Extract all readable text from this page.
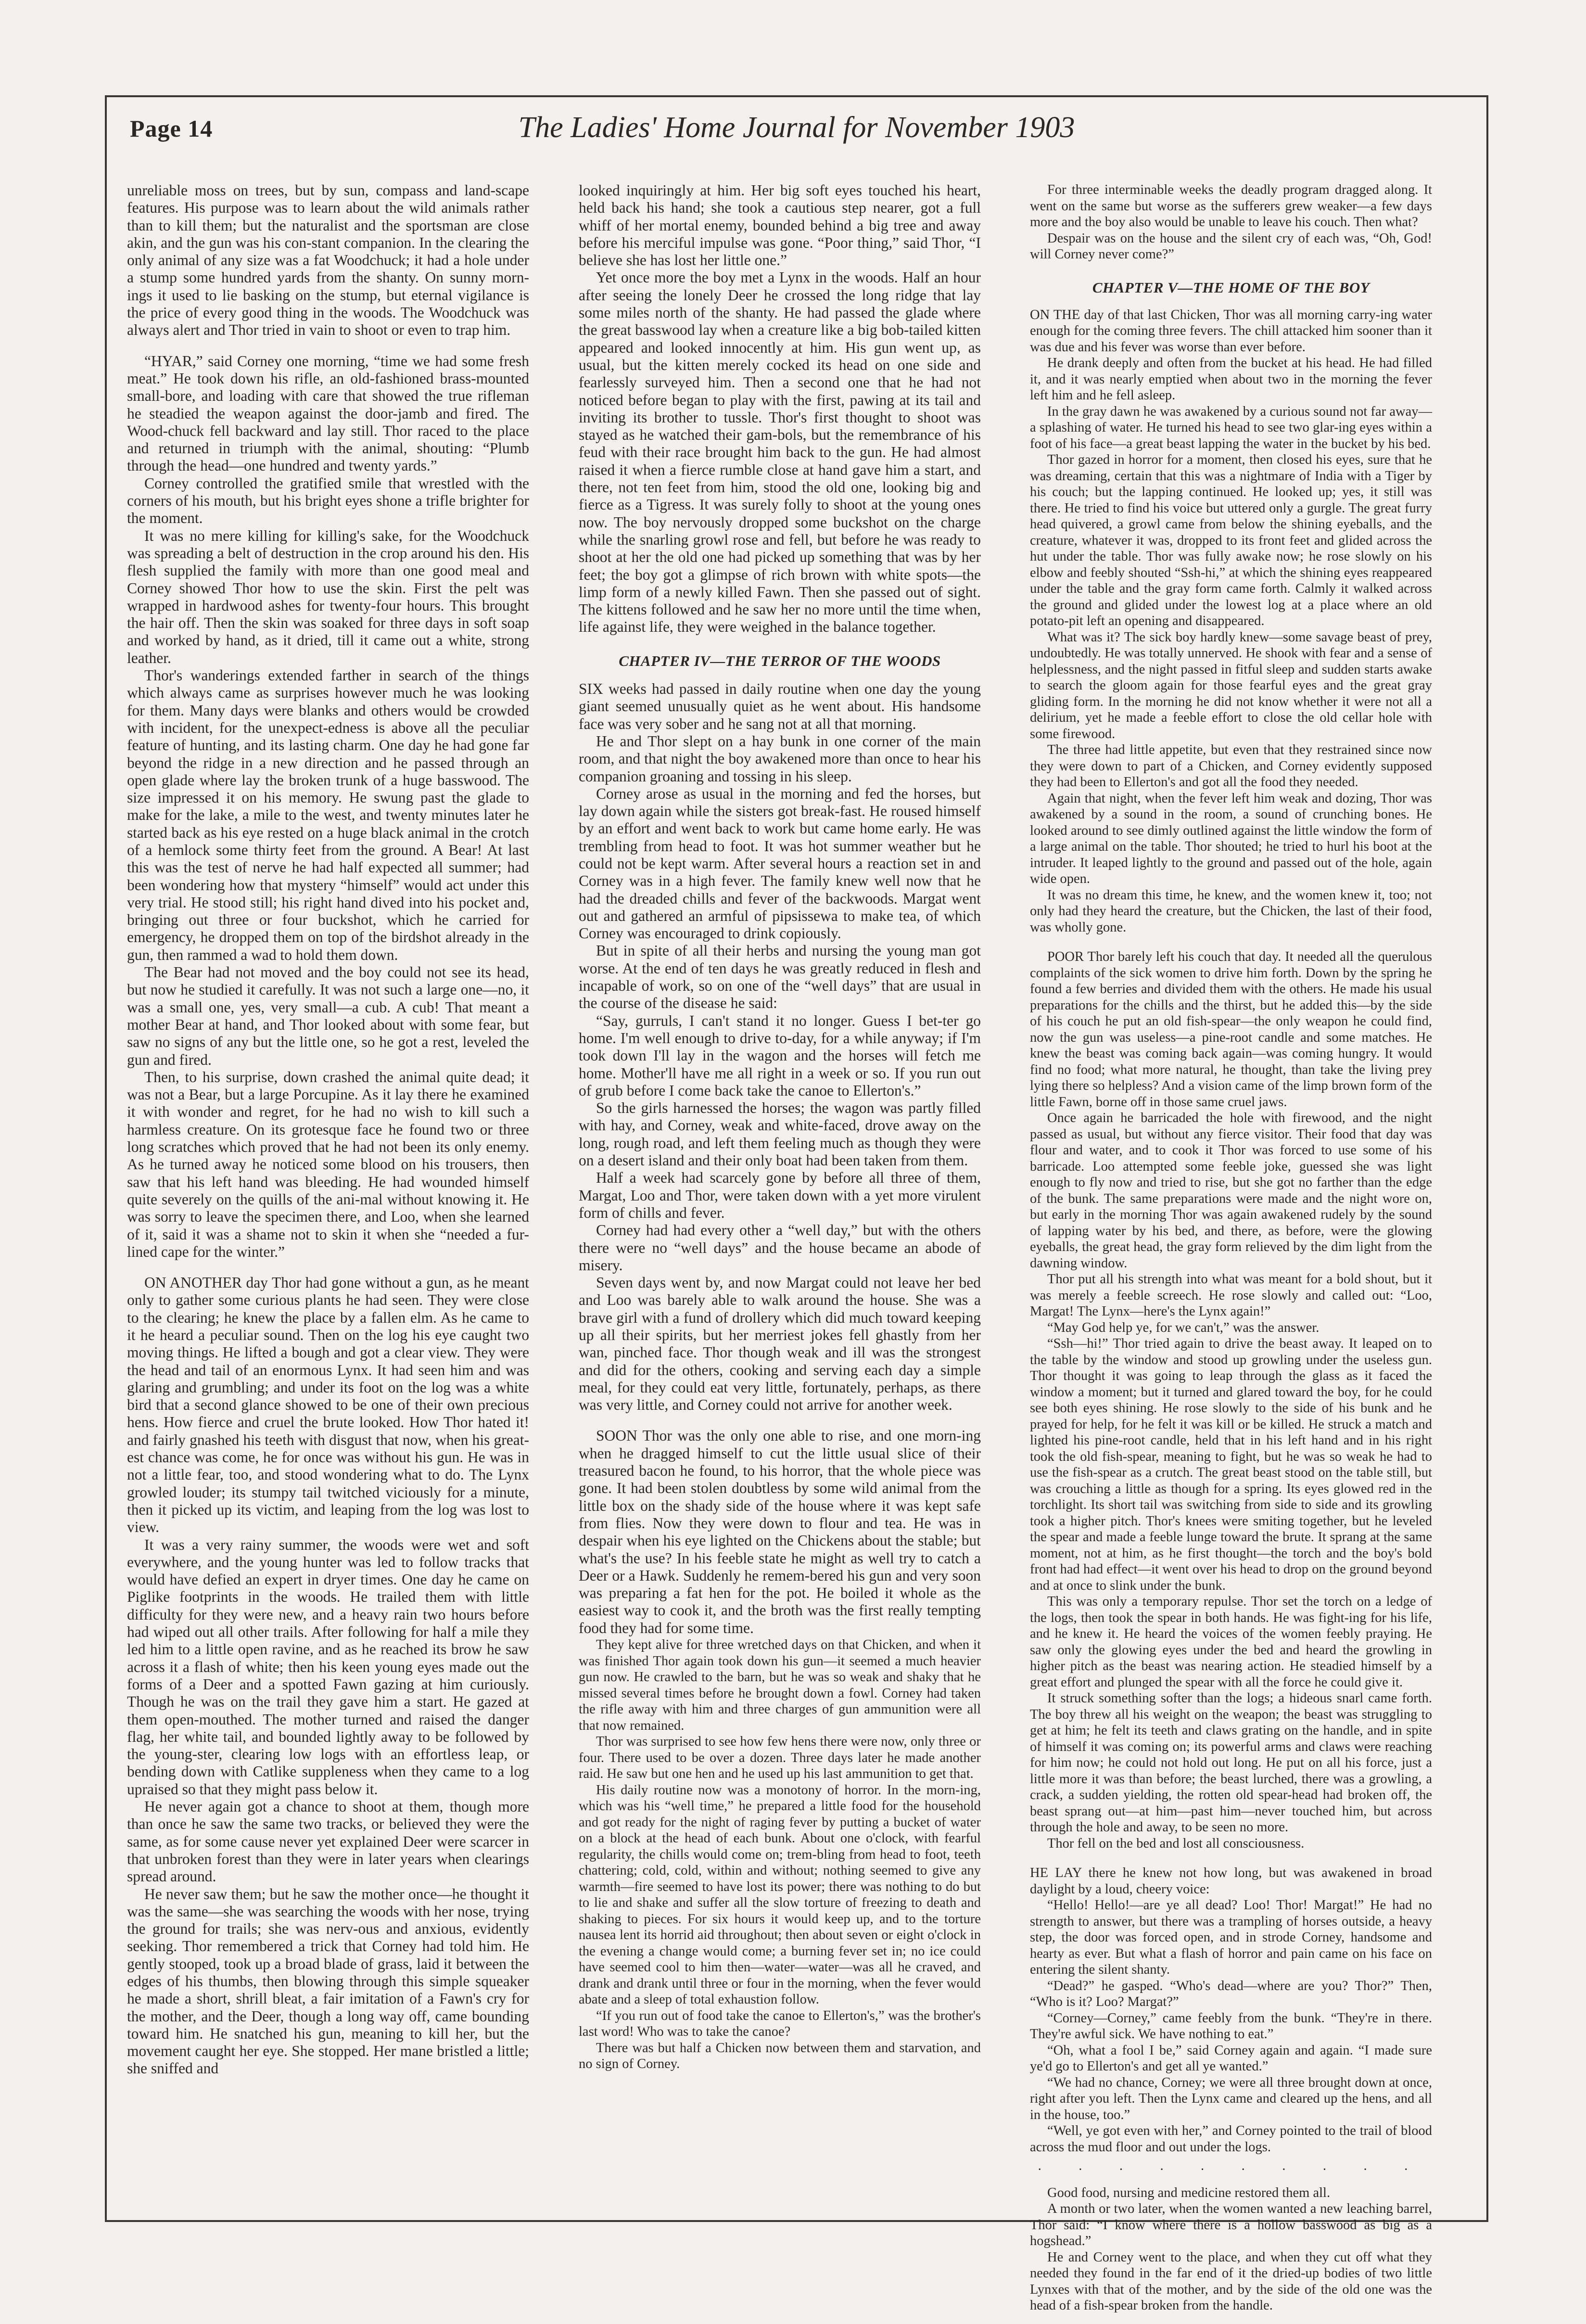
Page 14	The Ladies' Home Journal for November 1903

unreliable moss on trees, but by sun, compass and land-scape features. His purpose was to learn about the wild animals rather than to kill them; but the naturalist and the sportsman are close akin, and the gun was his con-stant companion. In the clearing the only animal of any size was a fat Woodchuck; it had a hole under a stump some hundred yards from the shanty. On sunny morn-ings it used to lie basking on the stump, but eternal vigilance is the price of every good thing in the woods. The Woodchuck was always alert and Thor tried in vain to shoot or even to trap him.

“HYAR,” said Corney one morning, “time we had some fresh meat.” He took down his rifle, an old-fashioned brass-mounted small-bore, and loading with care that showed the true rifleman he steadied the weapon against the door-jamb and fired. The Wood-chuck fell backward and lay still. Thor raced to the place and returned in triumph with the animal, shouting: “Plumb through the head—one hundred and twenty yards.”

Corney controlled the gratified smile that wrestled with the corners of his mouth, but his bright eyes shone a trifle brighter for the moment.

It was no mere killing for killing's sake, for the Woodchuck was spreading a belt of destruction in the crop around his den. His flesh supplied the family with more than one good meal and Corney showed Thor how to use the skin. First the pelt was wrapped in hardwood ashes for twenty-four hours. This brought the hair off. Then the skin was soaked for three days in soft soap and worked by hand, as it dried, till it came out a white, strong leather.

Thor's wanderings extended farther in search of the things which always came as surprises however much he was looking for them. Many days were blanks and others would be crowded with incident, for the unexpect-edness is above all the peculiar feature of hunting, and its lasting charm. One day he had gone far beyond the ridge in a new direction and he passed through an open glade where lay the broken trunk of a huge basswood. The size impressed it on his memory. He swung past the glade to make for the lake, a mile to the west, and twenty minutes later he started back as his eye rested on a huge black animal in the crotch of a hemlock some thirty feet from the ground. A Bear! At last this was the test of nerve he had half expected all summer; had been wondering how that mystery “himself” would act under this very trial. He stood still; his right hand dived into his pocket and, bringing out three or four buckshot, which he carried for emergency, he dropped them on top of the birdshot already in the gun, then rammed a wad to hold them down.

The Bear had not moved and the boy could not see its head, but now he studied it carefully. It was not such a large one—no, it was a small one, yes, very small—a cub. A cub! That meant a mother Bear at hand, and Thor looked about with some fear, but saw no signs of any but the little one, so he got a rest, leveled the gun and fired.

Then, to his surprise, down crashed the animal quite dead; it was not a Bear, but a large Porcupine. As it lay there he examined it with wonder and regret, for he had no wish to kill such a harmless creature. On its grotesque face he found two or three long scratches which proved that he had not been its only enemy. As he turned away he noticed some blood on his trousers, then saw that his left hand was bleeding. He had wounded himself quite severely on the quills of the ani-mal without knowing it. He was sorry to leave the specimen there, and Loo, when she learned of it, said it was a shame not to skin it when she “needed a fur-lined cape for the winter.”

ON ANOTHER day Thor had gone without a gun, as he meant only to gather some curious plants he had seen. They were close to the clearing; he knew the place by a fallen elm. As he came to it he heard a peculiar sound. Then on the log his eye caught two moving things. He lifted a bough and got a clear view. They were the head and tail of an enormous Lynx. It had seen him and was glaring and grumbling; and under its foot on the log was a white bird that a second glance showed to be one of their own precious hens. How fierce and cruel the brute looked. How Thor hated it! and fairly gnashed his teeth with disgust that now, when his great-est chance was come, he for once was without his gun. He was in not a little fear, too, and stood wondering what to do. The Lynx growled louder; its stumpy tail twitched viciously for a minute, then it picked up its victim, and leaping from the log was lost to view.

It was a very rainy summer, the woods were wet and soft everywhere, and the young hunter was led to follow tracks that would have defied an expert in dryer times. One day he came on Piglike footprints in the woods. He trailed them with little difficulty for they were new, and a heavy rain two hours before had wiped out all other trails. After following for half a mile they led him to a little open ravine, and as he reached its brow he saw across it a flash of white; then his keen young eyes made out the forms of a Deer and a spotted Fawn gazing at him curiously. Though he was on the trail they gave him a start. He gazed at them open-mouthed. The mother turned and raised the danger flag, her white tail, and bounded lightly away to be followed by the young-ster, clearing low logs with an effortless leap, or bending down with Catlike suppleness when they came to a log upraised so that they might pass below it.

He never again got a chance to shoot at them, though more than once he saw the same two tracks, or believed they were the same, as for some cause never yet explained Deer were scarcer in that unbroken forest than they were in later years when clearings spread around.

He never saw them; but he saw the mother once—he thought it was the same—she was searching the woods with her nose, trying the ground for trails; she was nerv-ous and anxious, evidently seeking. Thor remembered a trick that Corney had told him. He gently stooped, took up a broad blade of grass, laid it between the edges of his thumbs, then blowing through this simple squeaker he made a short, shrill bleat, a fair imitation of a Fawn's cry for the mother, and the Deer, though a long way off, came bounding toward him. He snatched his gun, meaning to kill her, but the movement caught her eye. She stopped. Her mane bristled a little; she sniffed and

looked inquiringly at him. Her big soft eyes touched his heart, held back his hand; she took a cautious step nearer, got a full whiff of her mortal enemy, bounded behind a big tree and away before his merciful impulse was gone. “Poor thing,” said Thor, “I believe she has lost her little one.”

Yet once more the boy met a Lynx in the woods. Half an hour after seeing the lonely Deer he crossed the long ridge that lay some miles north of the shanty. He had passed the glade where the great basswood lay when a creature like a big bob-tailed kitten appeared and looked innocently at him. His gun went up, as usual, but the kitten merely cocked its head on one side and fearlessly surveyed him. Then a second one that he had not noticed before began to play with the first, pawing at its tail and inviting its brother to tussle. Thor's first thought to shoot was stayed as he watched their gam-bols, but the remembrance of his feud with their race brought him back to the gun. He had almost raised it when a fierce rumble close at hand gave him a start, and there, not ten feet from him, stood the old one, looking big and fierce as a Tigress. It was surely folly to shoot at the young ones now. The boy nervously dropped some buckshot on the charge while the snarling growl rose and fell, but before he was ready to shoot at her the old one had picked up something that was by her feet; the boy got a glimpse of rich brown with white spots—the limp form of a newly killed Fawn. Then she passed out of sight. The kittens followed and he saw her no more until the time when, life against life, they were weighed in the balance together.

CHAPTER IV—THE TERROR OF THE WOODS

SIX weeks had passed in daily routine when one day the young giant seemed unusually quiet as he went about. His handsome face was very sober and he sang not at all that morning.

He and Thor slept on a hay bunk in one corner of the main room, and that night the boy awakened more than once to hear his companion groaning and tossing in his sleep.

Corney arose as usual in the morning and fed the horses, but lay down again while the sisters got break-fast. He roused himself by an effort and went back to work but came home early. He was trembling from head to foot. It was hot summer weather but he could not be kept warm. After several hours a reaction set in and Corney was in a high fever. The family knew well now that he had the dreaded chills and fever of the backwoods. Margat went out and gathered an armful of pipsissewa to make tea, of which Corney was encouraged to drink copiously.

But in spite of all their herbs and nursing the young man got worse. At the end of ten days he was greatly reduced in flesh and incapable of work, so on one of the “well days” that are usual in the course of the disease he said:

“Say, gurruls, I can't stand it no longer. Guess I bet-ter go home. I'm well enough to drive to-day, for a while anyway; if I'm took down I'll lay in the wagon and the horses will fetch me home. Mother'll have me all right in a week or so. If you run out of grub before I come back take the canoe to Ellerton's.”

So the girls harnessed the horses; the wagon was partly filled with hay, and Corney, weak and white-faced, drove away on the long, rough road, and left them feeling much as though they were on a desert island and their only boat had been taken from them.

Half a week had scarcely gone by before all three of them, Margat, Loo and Thor, were taken down with a yet more virulent form of chills and fever.

Corney had had every other a “well day,” but with the others there were no “well days” and the house became an abode of misery.

Seven days went by, and now Margat could not leave her bed and Loo was barely able to walk around the house. She was a brave girl with a fund of drollery which did much toward keeping up all their spirits, but her merriest jokes fell ghastly from her wan, pinched face. Thor though weak and ill was the strongest and did for the others, cooking and serving each day a simple meal, for they could eat very little, fortunately, perhaps, as there was very little, and Corney could not arrive for another week.

SOON Thor was the only one able to rise, and one morn-ing when he dragged himself to cut the little usual slice of their treasured bacon he found, to his horror, that the whole piece was gone. It had been stolen doubtless by some wild animal from the little box on the shady side of the house where it was kept safe from flies. Now they were down to flour and tea. He was in despair when his eye lighted on the Chickens about the stable; but what's the use? In his feeble state he might as well try to catch a Deer or a Hawk. Suddenly he remem-bered his gun and very soon was preparing a fat hen for the pot. He boiled it whole as the easiest way to cook it, and the broth was the first really tempting food they had for some time.

They kept alive for three wretched days on that Chicken, and when it was finished Thor again took down his gun—it seemed a much heavier gun now. He crawled to the barn, but he was so weak and shaky that he missed several times before he brought down a fowl. Corney had taken the rifle away with him and three charges of gun ammunition were all that now remained.

Thor was surprised to see how few hens there were now, only three or four. There used to be over a dozen. Three days later he made another raid. He saw but one hen and he used up his last ammunition to get that.

His daily routine now was a monotony of horror. In the morn-ing, which was his “well time,” he prepared a little food for the household and got ready for the night of raging fever by putting a bucket of water on a block at the head of each bunk. About one o'clock, with fearful regularity, the chills would come on; trem-bling from head to foot, teeth chattering; cold, cold, within and without; nothing seemed to give any warmth—fire seemed to have lost its power; there was nothing to do but to lie and shake and suffer all the slow torture of freezing to death and shaking to pieces. For six hours it would keep up, and to the torture nausea lent its horrid aid throughout; then about seven or eight o'clock in the evening a change would come; a burning fever set in; no ice could have seemed cool to him then—water—water—was all he craved, and drank and drank until three or four in the morning, when the fever would abate and a sleep of total exhaustion follow.

“If you run out of food take the canoe to Ellerton's,” was the brother's last word! Who was to take the canoe?

There was but half a Chicken now between them and starvation, and no sign of Corney.

For three interminable weeks the deadly program dragged along. It went on the same but worse as the sufferers grew weaker—a few days more and the boy also would be unable to leave his couch. Then what?

Despair was on the house and the silent cry of each was, “Oh, God! will Corney never come?”

CHAPTER V—THE HOME OF THE BOY

ON THE day of that last Chicken, Thor was all morning carry-ing water enough for the coming three fevers. The chill attacked him sooner than it was due and his fever was worse than ever before.

He drank deeply and often from the bucket at his head. He had filled it, and it was nearly emptied when about two in the morning the fever left him and he fell asleep.

In the gray dawn he was awakened by a curious sound not far away—a splashing of water. He turned his head to see two glar-ing eyes within a foot of his face—a great beast lapping the water in the bucket by his bed.

Thor gazed in horror for a moment, then closed his eyes, sure that he was dreaming, certain that this was a nightmare of India with a Tiger by his couch; but the lapping continued. He looked up; yes, it still was there. He tried to find his voice but uttered only a gurgle. The great furry head quivered, a growl came from below the shining eyeballs, and the creature, whatever it was, dropped to its front feet and glided across the hut under the table. Thor was fully awake now; he rose slowly on his elbow and feebly shouted “Ssh-hi,” at which the shining eyes reappeared under the table and the gray form came forth. Calmly it walked across the ground and glided under the lowest log at a place where an old potato-pit left an opening and disappeared.

What was it? The sick boy hardly knew—some savage beast of prey, undoubtedly. He was totally unnerved. He shook with fear and a sense of helplessness, and the night passed in fitful sleep and sudden starts awake to search the gloom again for those fearful eyes and the great gray gliding form. In the morning he did not know whether it were not all a delirium, yet he made a feeble effort to close the old cellar hole with some firewood.

The three had little appetite, but even that they restrained since now they were down to part of a Chicken, and Corney evidently supposed they had been to Ellerton's and got all the food they needed.

Again that night, when the fever left him weak and dozing, Thor was awakened by a sound in the room, a sound of crunching bones. He looked around to see dimly outlined against the little window the form of a large animal on the table. Thor shouted; he tried to hurl his boot at the intruder. It leaped lightly to the ground and passed out of the hole, again wide open.

It was no dream this time, he knew, and the women knew it, too; not only had they heard the creature, but the Chicken, the last of their food, was wholly gone.

POOR Thor barely left his couch that day. It needed all the querulous complaints of the sick women to drive him forth. Down by the spring he found a few berries and divided them with the others. He made his usual preparations for the chills and the thirst, but he added this—by the side of his couch he put an old fish-spear—the only weapon he could find, now the gun was useless—a pine-root candle and some matches. He knew the beast was coming back again—was coming hungry. It would find no food; what more natural, he thought, than take the living prey lying there so helpless? And a vision came of the limp brown form of the little Fawn, borne off in those same cruel jaws.

Once again he barricaded the hole with firewood, and the night passed as usual, but without any fierce visitor. Their food that day was flour and water, and to cook it Thor was forced to use some of his barricade. Loo attempted some feeble joke, guessed she was light enough to fly now and tried to rise, but she got no farther than the edge of the bunk. The same preparations were made and the night wore on, but early in the morning Thor was again awakened rudely by the sound of lapping water by his bed, and there, as before, were the glowing eyeballs, the great head, the gray form relieved by the dim light from the dawning window.

Thor put all his strength into what was meant for a bold shout, but it was merely a feeble screech. He rose slowly and called out: “Loo, Margat! The Lynx—here's the Lynx again!”

“May God help ye, for we can't,” was the answer.

“Ssh—hi!” Thor tried again to drive the beast away. It leaped on to the table by the window and stood up growling under the useless gun. Thor thought it was going to leap through the glass as it faced the window a moment; but it turned and glared toward the boy, for he could see both eyes shining. He rose slowly to the side of his bunk and he prayed for help, for he felt it was kill or be killed. He struck a match and lighted his pine-root candle, held that in his left hand and in his right took the old fish-spear, meaning to fight, but he was so weak he had to use the fish-spear as a crutch. The great beast stood on the table still, but was crouching a little as though for a spring. Its eyes glowed red in the torchlight. Its short tail was switching from side to side and its growling took a higher pitch. Thor's knees were smiting together, but he leveled the spear and made a feeble lunge toward the brute. It sprang at the same moment, not at him, as he first thought—the torch and the boy's bold front had had effect—it went over his head to drop on the ground beyond and at once to slink under the bunk.

This was only a temporary repulse. Thor set the torch on a ledge of the logs, then took the spear in both hands. He was fight-ing for his life, and he knew it. He heard the voices of the women feebly praying. He saw only the glowing eyes under the bed and heard the growling in higher pitch as the beast was nearing action. He steadied himself by a great effort and plunged the spear with all the force he could give it.

It struck something softer than the logs; a hideous snarl came forth. The boy threw all his weight on the weapon; the beast was struggling to get at him; he felt its teeth and claws grating on the handle, and in spite of himself it was coming on; its powerful arms and claws were reaching for him now; he could not hold out long. He put on all his force, just a little more it was than before; the beast lurched, there was a growling, a crack, a sudden yielding, the rotten old spear-head had broken off, the beast sprang out—at him—past him—never touched him, but across through the hole and away, to be seen no more.

Thor fell on the bed and lost all consciousness.

HE LAY there he knew not how long, but was awakened in broad daylight by a loud, cheery voice:

“Hello! Hello!—are ye all dead? Loo! Thor! Margat!” He had no strength to answer, but there was a trampling of horses outside, a heavy step, the door was forced open, and in strode Corney, handsome and hearty as ever. But what a flash of horror and pain came on his face on entering the silent shanty.

“Dead?” he gasped. “Who's dead—where are you? Thor?” Then, “Who is it? Loo? Margat?”

“Corney—Corney,” came feebly from the bunk. “They're in there. They're awful sick. We have nothing to eat.”

“Oh, what a fool I be,” said Corney again and again. “I made sure ye'd go to Ellerton's and get all ye wanted.”

“We had no chance, Corney; we were all three brought down at once, right after you left. Then the Lynx came and cleared up the hens, and all in the house, too.”

“Well, ye got even with her,” and Corney pointed to the trail of blood across the mud floor and out under the logs.

· · · · · · · · · ·

Good food, nursing and medicine restored them all.

A month or two later, when the women wanted a new leaching barrel, Thor said: “I know where there is a hollow basswood as big as a hogshead.”

He and Corney went to the place, and when they cut off what they needed they found in the far end of it the dried-up bodies of two little Lynxes with that of the mother, and by the side of the old one was the head of a fish-spear broken from the handle.
